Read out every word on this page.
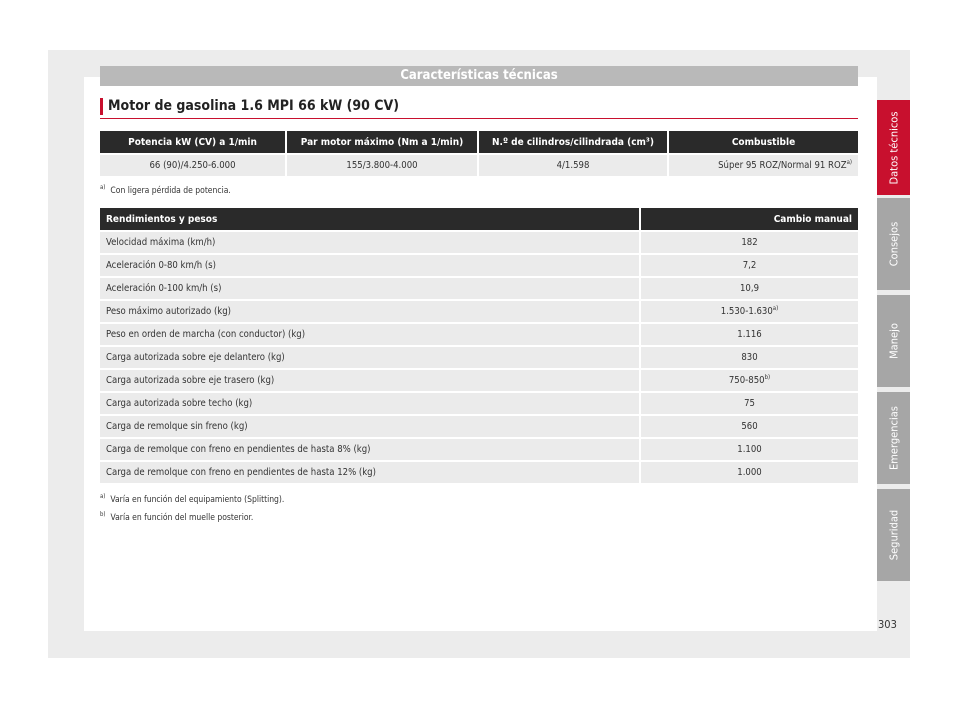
Características técnicas
Motor de gasolina 1.6 MPI 66 kW (90 CV)
Potencia kW (CV) a 1/min	Par motor máximo (Nm a 1/min)	N.º de cilindros/cilindrada (cm³)	Combustible
66 (90)/4.250-6.000	155/3.800-4.000	4/1.598	Súper 95 ROZ/Normal 91 ROZ$^{a)}$
$^{a)}$ Con ligera pérdida de potencia.
Rendimientos y pesos	Cambio manual
Velocidad máxima (km/h)	182
Aceleración 0-80 km/h (s)	7,2
Aceleración 0-100 km/h (s)	10,9
Peso máximo autorizado (kg)	1.530-1.630$^{a)}$
Peso en orden de marcha (con conductor) (kg)	1.116
Carga autorizada sobre eje delantero (kg)	830
Carga autorizada sobre eje trasero (kg)	750-850$^{b)}$
Carga autorizada sobre techo (kg)	75
Carga de remolque sin freno (kg)	560
Carga de remolque con freno en pendientes de hasta 8% (kg)	1.100
Carga de remolque con freno en pendientes de hasta 12% (kg)	1.000
$^{a)}$ Varía en función del equipamiento (Splitting).
$^{b)}$ Varía en función del muelle posterior.
Datos técnicos
Consejos
Manejo
Emergencias
Seguridad
303
